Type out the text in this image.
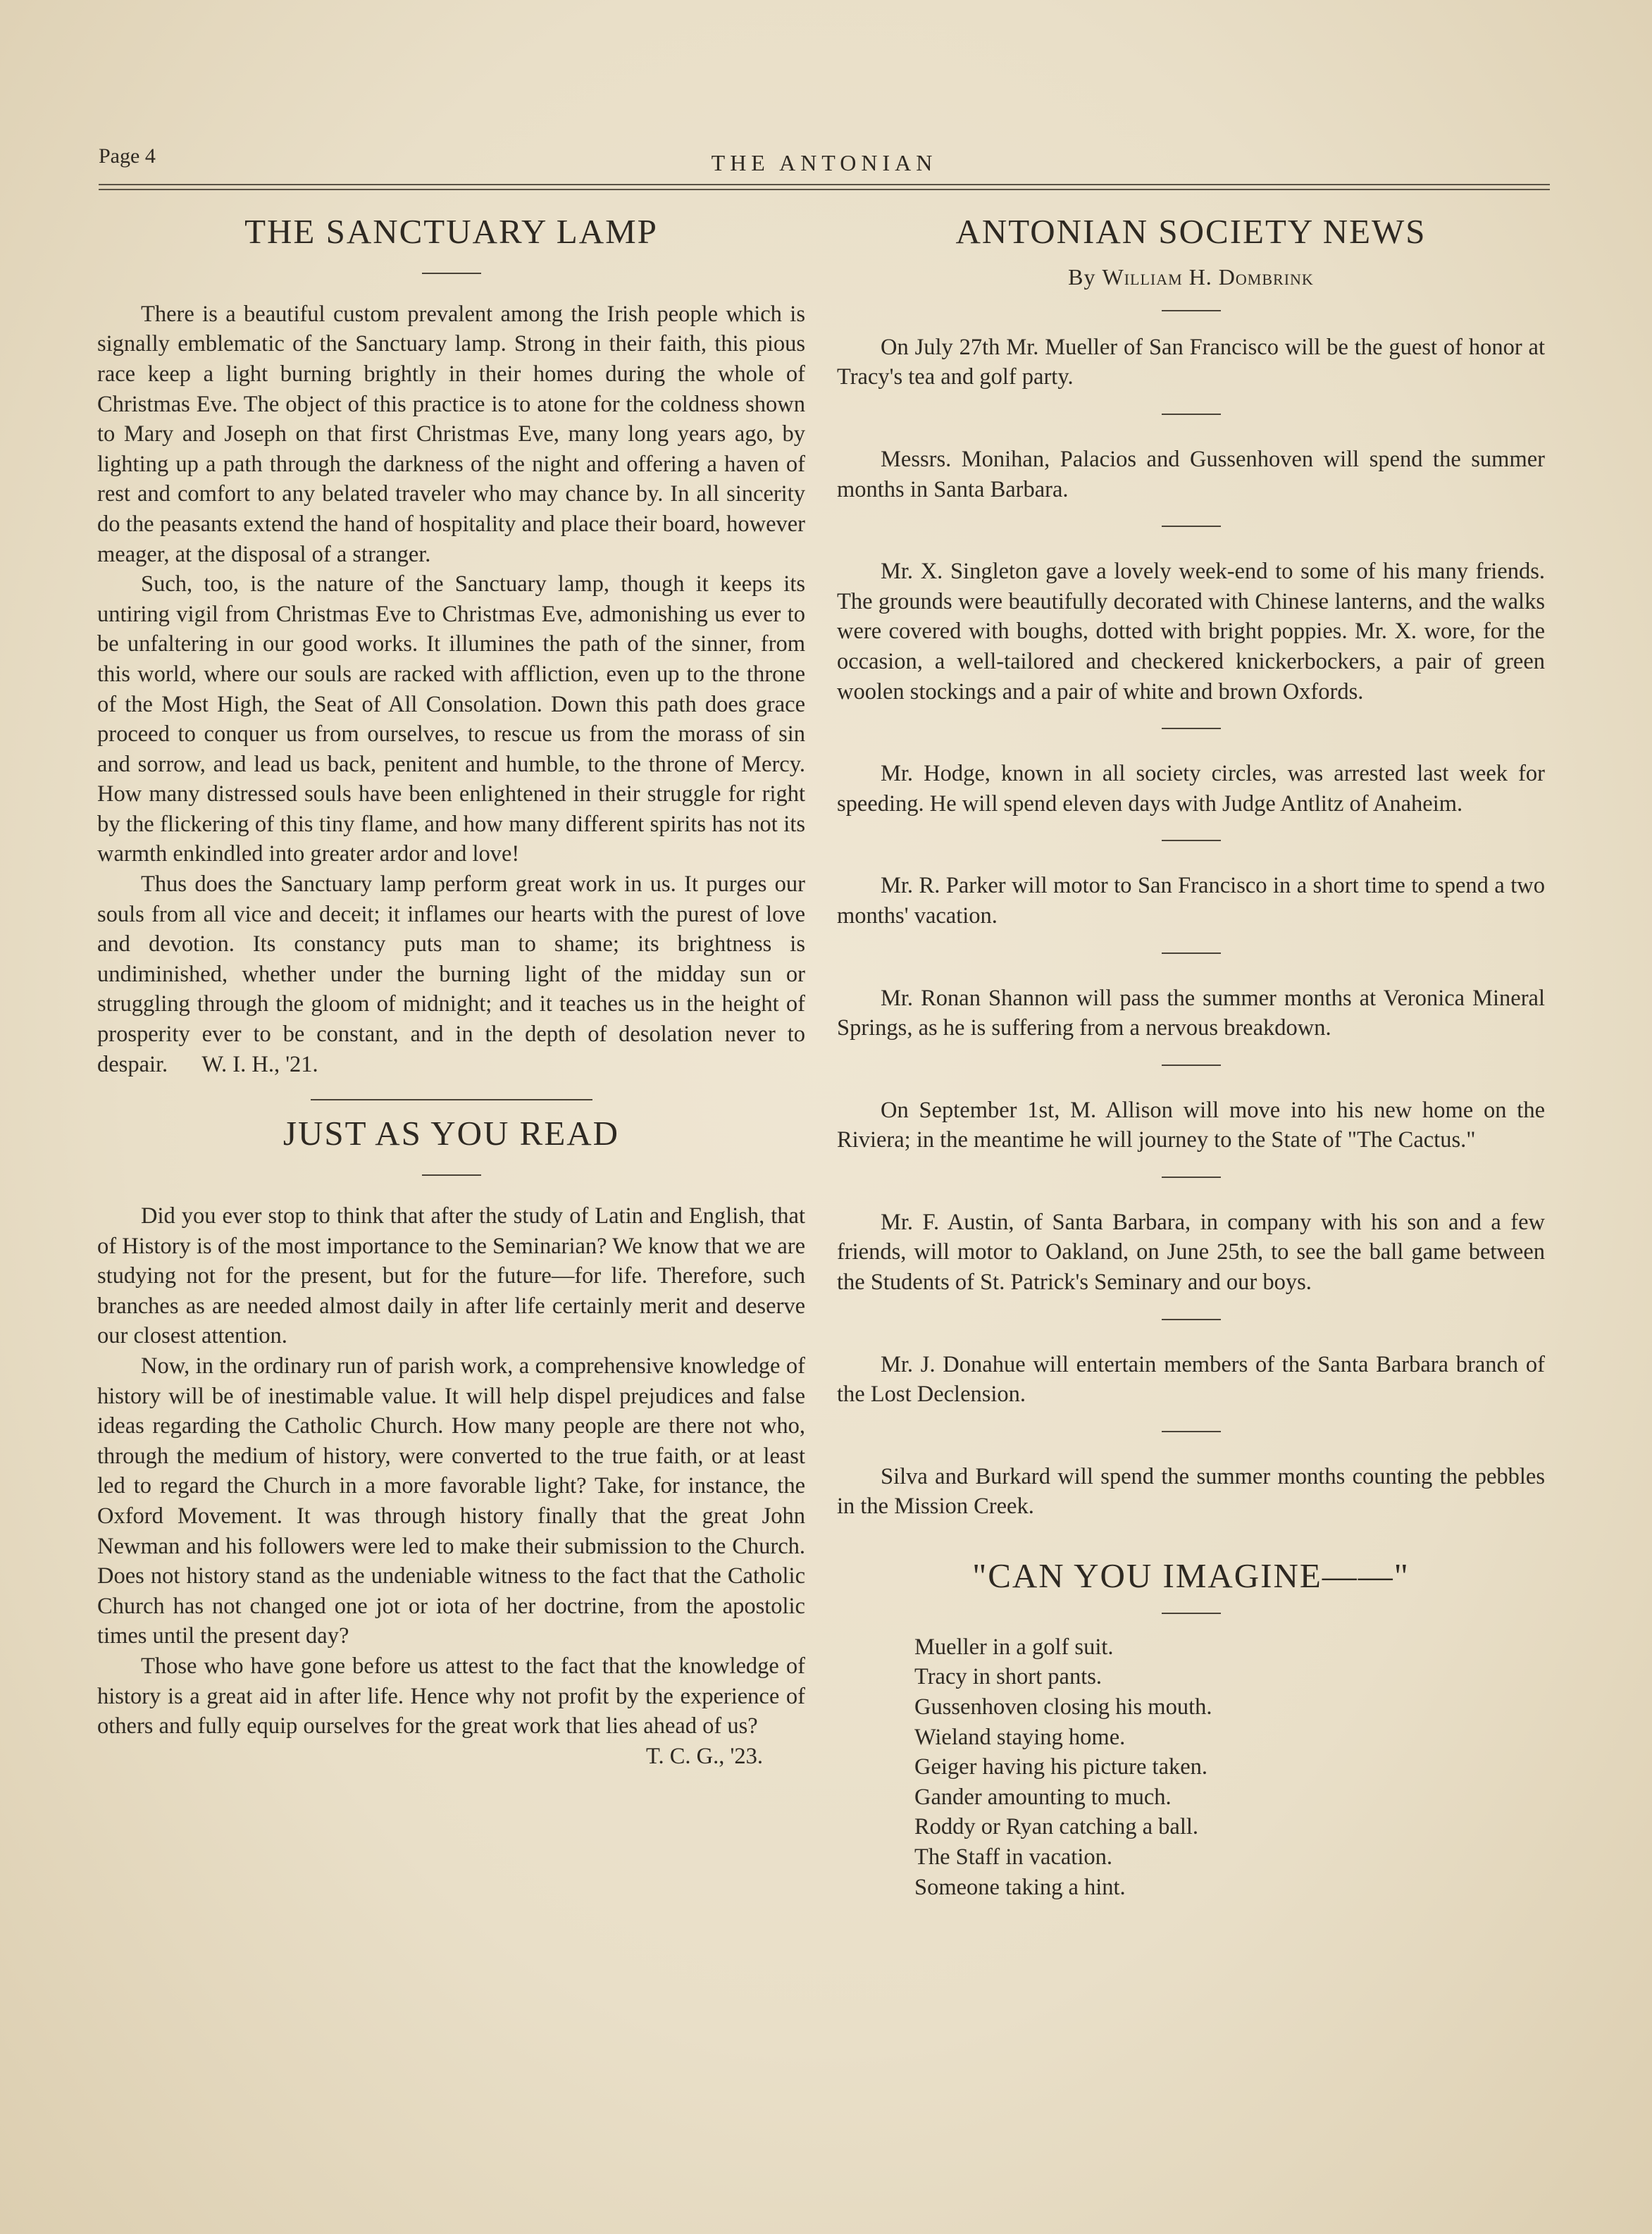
Page 4	THE ANTONIAN
THE SANCTUARY LAMP

There is a beautiful custom prevalent among the Irish people which is signally emblematic of the Sanctuary lamp. Strong in their faith, this pious race keep a light burning brightly in their homes during the whole of Christmas Eve. The object of this practice is to atone for the coldness shown to Mary and Joseph on that first Christmas Eve, many long years ago, by lighting up a path through the darkness of the night and offering a haven of rest and comfort to any belated traveler who may chance by. In all sincerity do the peasants extend the hand of hospitality and place their board, however meager, at the disposal of a stranger.

Such, too, is the nature of the Sanctuary lamp, though it keeps its untiring vigil from Christmas Eve to Christmas Eve, admonishing us ever to be unfaltering in our good works. It illumines the path of the sinner, from this world, where our souls are racked with affliction, even up to the throne of the Most High, the Seat of All Consolation. Down this path does grace proceed to conquer us from ourselves, to rescue us from the morass of sin and sorrow, and lead us back, penitent and humble, to the throne of Mercy. How many distressed souls have been enlightened in their struggle for right by the flickering of this tiny flame, and how many different spirits has not its warmth enkindled into greater ardor and love!

Thus does the Sanctuary lamp perform great work in us. It purges our souls from all vice and deceit; it inflames our hearts with the purest of love and devotion. Its constancy puts man to shame; its brightness is undiminished, whether under the burning light of the midday sun or struggling through the gloom of midnight; and it teaches us in the height of prosperity ever to be constant, and in the depth of desolation never to despair.      W. I. H., '21.

JUST AS YOU READ

Did you ever stop to think that after the study of Latin and English, that of History is of the most importance to the Seminarian? We know that we are studying not for the present, but for the future—for life. Therefore, such branches as are needed almost daily in after life certainly merit and deserve our closest attention.

Now, in the ordinary run of parish work, a comprehensive knowledge of history will be of inestimable value. It will help dispel prejudices and false ideas regarding the Catholic Church. How many people are there not who, through the medium of history, were converted to the true faith, or at least led to regard the Church in a more favorable light? Take, for instance, the Oxford Movement. It was through history finally that the great John Newman and his followers were led to make their submission to the Church. Does not history stand as the undeniable witness to the fact that the Catholic Church has not changed one jot or iota of her doctrine, from the apostolic times until the present day?

Those who have gone before us attest to the fact that the knowledge of history is a great aid in after life. Hence why not profit by the experience of others and fully equip ourselves for the great work that lies ahead of us?

T. C. G., '23.
ANTONIAN SOCIETY NEWS
By William H. Dombrink

On July 27th Mr. Mueller of San Francisco will be the guest of honor at Tracy's tea and golf party.

Messrs. Monihan, Palacios and Gussenhoven will spend the summer months in Santa Barbara.

Mr. X. Singleton gave a lovely week-end to some of his many friends. The grounds were beautifully decorated with Chinese lanterns, and the walks were covered with boughs, dotted with bright poppies. Mr. X. wore, for the occasion, a well-tailored and checkered knickerbockers, a pair of green woolen stockings and a pair of white and brown Oxfords.

Mr. Hodge, known in all society circles, was arrested last week for speeding. He will spend eleven days with Judge Antlitz of Anaheim.

Mr. R. Parker will motor to San Francisco in a short time to spend a two months' vacation.

Mr. Ronan Shannon will pass the summer months at Veronica Mineral Springs, as he is suffering from a nervous breakdown.

On September 1st, M. Allison will move into his new home on the Riviera; in the meantime he will journey to the State of "The Cactus."

Mr. F. Austin, of Santa Barbara, in company with his son and a few friends, will motor to Oakland, on June 25th, to see the ball game between the Students of St. Patrick's Seminary and our boys.

Mr. J. Donahue will entertain members of the Santa Barbara branch of the Lost Declension.

Silva and Burkard will spend the summer months counting the pebbles in the Mission Creek.

"CAN YOU IMAGINE——"
Mueller in a golf suit.
Tracy in short pants.
Gussenhoven closing his mouth.
Wieland staying home.
Geiger having his picture taken.
Gander amounting to much.
Roddy or Ryan catching a ball.
The Staff in vacation.
Someone taking a hint.
